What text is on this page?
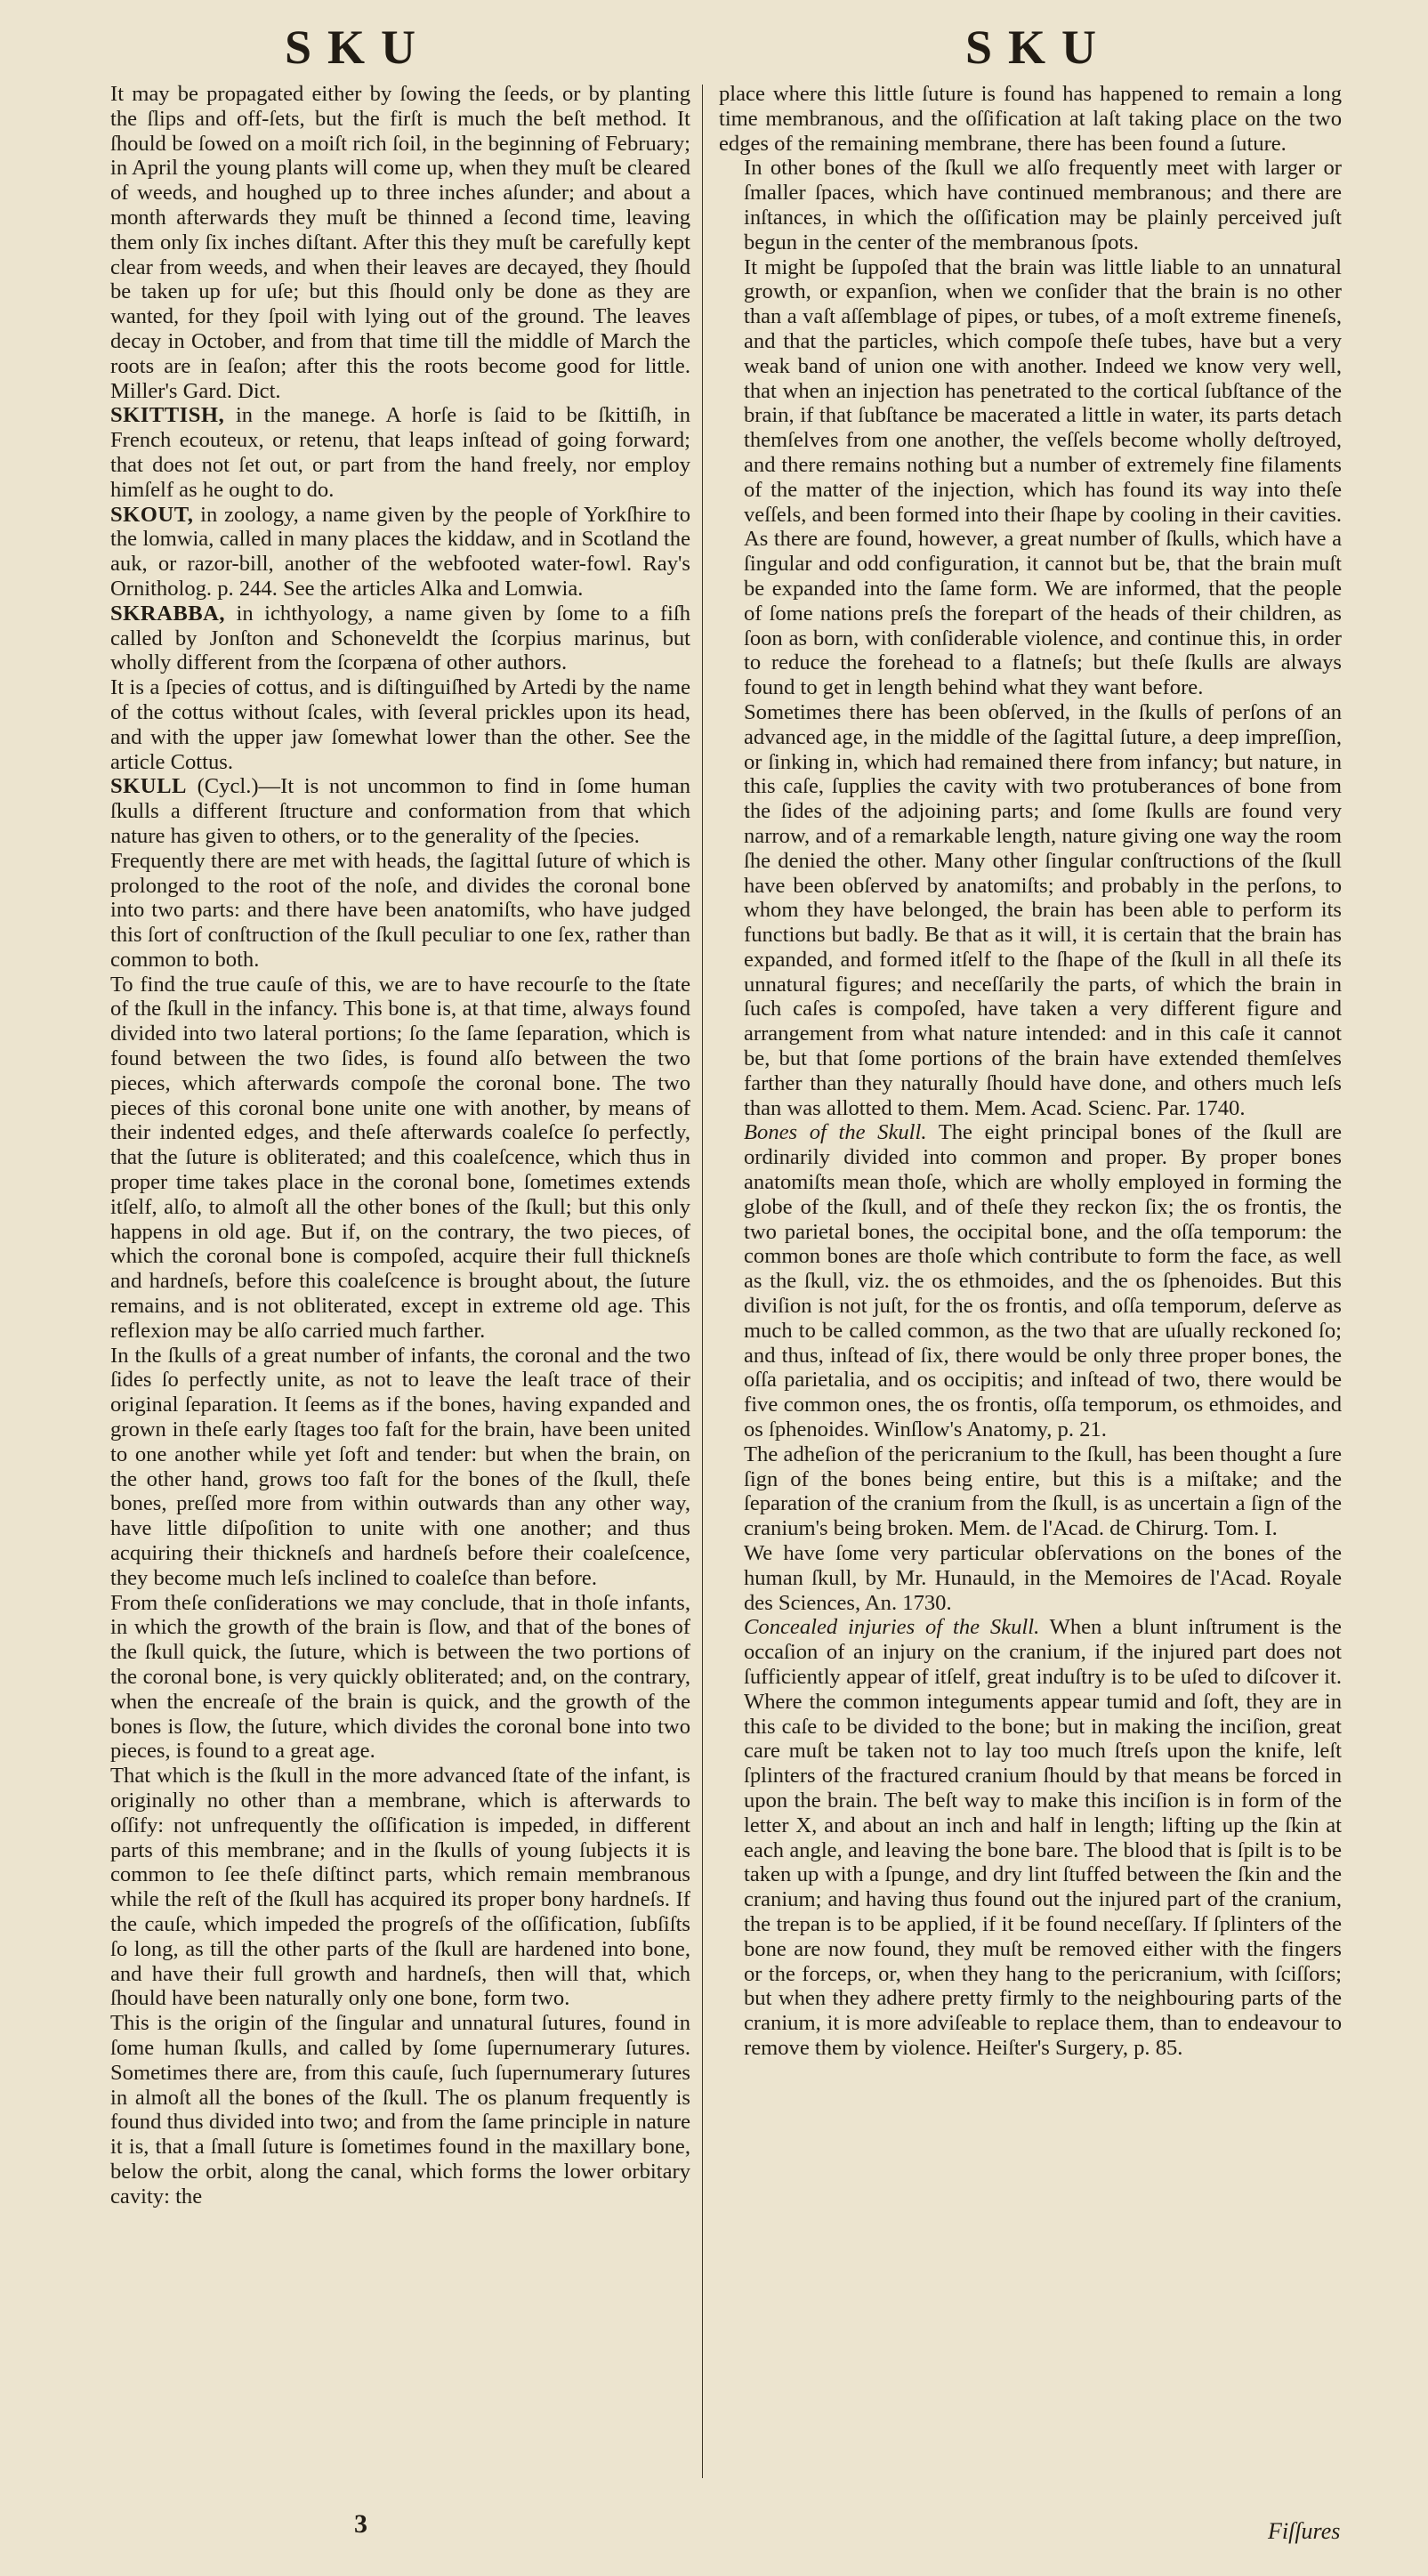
SKU	SKU

It may be propagated either by ſowing the ſeeds, or by planting the ſlips and off-ſets, but the firſt is much the beſt method. It ſhould be ſowed on a moiſt rich ſoil, in the beginning of February; in April the young plants will come up, when they muſt be cleared of weeds, and houghed up to three inches aſunder; and about a month afterwards they muſt be thinned a ſecond time, leaving them only ſix inches diſtant. After this they muſt be carefully kept clear from weeds, and when their leaves are decayed, they ſhould be taken up for uſe; but this ſhould only be done as they are wanted, for they ſpoil with lying out of the ground. The leaves decay in October, and from that time till the middle of March the roots are in ſeaſon; after this the roots become good for little. Miller's Gard. Dict.

SKITTISH, in the manege. A horſe is ſaid to be ſkittiſh, in French ecouteux, or retenu, that leaps inſtead of going forward; that does not ſet out, or part from the hand freely, nor employ himſelf as he ought to do.

SKOUT, in zoology, a name given by the people of Yorkſhire to the lomwia, called in many places the kiddaw, and in Scotland the auk, or razor-bill, another of the webfooted water-fowl. Ray's Ornitholog. p. 244. See the articles Alka and Lomwia.

SKRABBA, in ichthyology, a name given by ſome to a fiſh called by Jonſton and Schoneveldt the ſcorpius marinus, but wholly different from the ſcorpæna of other authors.

It is a ſpecies of cottus, and is diſtinguiſhed by Artedi by the name of the cottus without ſcales, with ſeveral prickles upon its head, and with the upper jaw ſomewhat lower than the other. See the article Cottus.

SKULL (Cycl.)—It is not uncommon to find in ſome human ſkulls a different ſtructure and conformation from that which nature has given to others, or to the generality of the ſpecies.

Frequently there are met with heads, the ſagittal ſuture of which is prolonged to the root of the noſe, and divides the coronal bone into two parts: and there have been anatomiſts, who have judged this ſort of conſtruction of the ſkull peculiar to one ſex, rather than common to both.

To find the true cauſe of this, we are to have recourſe to the ſtate of the ſkull in the infancy. This bone is, at that time, always found divided into two lateral portions; ſo the ſame ſeparation, which is found between the two ſides, is found alſo between the two pieces, which afterwards compoſe the coronal bone. The two pieces of this coronal bone unite one with another, by means of their indented edges, and theſe afterwards coaleſce ſo perfectly, that the ſuture is obliterated; and this coaleſcence, which thus in proper time takes place in the coronal bone, ſometimes extends itſelf, alſo, to almoſt all the other bones of the ſkull; but this only happens in old age. But if, on the contrary, the two pieces, of which the coronal bone is compoſed, acquire their full thickneſs and hardneſs, before this coaleſcence is brought about, the ſuture remains, and is not obliterated, except in extreme old age. This reflexion may be alſo carried much farther.

In the ſkulls of a great number of infants, the coronal and the two ſides ſo perfectly unite, as not to leave the leaſt trace of their original ſeparation. It ſeems as if the bones, having expanded and grown in theſe early ſtages too faſt for the brain, have been united to one another while yet ſoft and tender: but when the brain, on the other hand, grows too faſt for the bones of the ſkull, theſe bones, preſſed more from within outwards than any other way, have little diſpoſition to unite with one another; and thus acquiring their thickneſs and hardneſs before their coaleſcence, they become much leſs inclined to coaleſce than before.

From theſe conſiderations we may conclude, that in thoſe infants, in which the growth of the brain is ſlow, and that of the bones of the ſkull quick, the ſuture, which is between the two portions of the coronal bone, is very quickly obliterated; and, on the contrary, when the encreaſe of the brain is quick, and the growth of the bones is ſlow, the ſuture, which divides the coronal bone into two pieces, is found to a great age.

That which is the ſkull in the more advanced ſtate of the infant, is originally no other than a membrane, which is afterwards to oſſify: not unfrequently the oſſification is impeded, in different parts of this membrane; and in the ſkulls of young ſubjects it is common to ſee theſe diſtinct parts, which remain membranous while the reſt of the ſkull has acquired its proper bony hardneſs. If the cauſe, which impeded the progreſs of the oſſification, ſubſiſts ſo long, as till the other parts of the ſkull are hardened into bone, and have their full growth and hardneſs, then will that, which ſhould have been naturally only one bone, form two.

This is the origin of the ſingular and unnatural ſutures, found in ſome human ſkulls, and called by ſome ſupernumerary ſutures. Sometimes there are, from this cauſe, ſuch ſupernumerary ſutures in almoſt all the bones of the ſkull. The os planum frequently is found thus divided into two; and from the ſame principle in nature it is, that a ſmall ſuture is ſometimes found in the maxillary bone, below the orbit, along the canal, which forms the lower orbitary cavity: the

place where this little ſuture is found has happened to remain a long time membranous, and the oſſification at laſt taking place on the two edges of the remaining membrane, there has been found a ſuture.

In other bones of the ſkull we alſo frequently meet with larger or ſmaller ſpaces, which have continued membranous; and there are inſtances, in which the oſſification may be plainly perceived juſt begun in the center of the membranous ſpots.

It might be ſuppoſed that the brain was little liable to an unnatural growth, or expanſion, when we conſider that the brain is no other than a vaſt aſſemblage of pipes, or tubes, of a moſt extreme fineneſs, and that the particles, which compoſe theſe tubes, have but a very weak band of union one with another. Indeed we know very well, that when an injection has penetrated to the cortical ſubſtance of the brain, if that ſubſtance be macerated a little in water, its parts detach themſelves from one another, the veſſels become wholly deſtroyed, and there remains nothing but a number of extremely fine filaments of the matter of the injection, which has found its way into theſe veſſels, and been formed into their ſhape by cooling in their cavities. As there are found, however, a great number of ſkulls, which have a ſingular and odd configuration, it cannot but be, that the brain muſt be expanded into the ſame form. We are informed, that the people of ſome nations preſs the forepart of the heads of their children, as ſoon as born, with conſiderable violence, and continue this, in order to reduce the forehead to a flatneſs; but theſe ſkulls are always found to get in length behind what they want before.

Sometimes there has been obſerved, in the ſkulls of perſons of an advanced age, in the middle of the ſagittal ſuture, a deep impreſſion, or ſinking in, which had remained there from infancy; but nature, in this caſe, ſupplies the cavity with two protuberances of bone from the ſides of the adjoining parts; and ſome ſkulls are found very narrow, and of a remarkable length, nature giving one way the room ſhe denied the other. Many other ſingular conſtructions of the ſkull have been obſerved by anatomiſts; and probably in the perſons, to whom they have belonged, the brain has been able to perform its functions but badly. Be that as it will, it is certain that the brain has expanded, and formed itſelf to the ſhape of the ſkull in all theſe its unnatural figures; and neceſſarily the parts, of which the brain in ſuch caſes is compoſed, have taken a very different figure and arrangement from what nature intended: and in this caſe it cannot be, but that ſome portions of the brain have extended themſelves farther than they naturally ſhould have done, and others much leſs than was allotted to them. Mem. Acad. Scienc. Par. 1740.

Bones of the Skull. The eight principal bones of the ſkull are ordinarily divided into common and proper. By proper bones anatomiſts mean thoſe, which are wholly employed in forming the globe of the ſkull, and of theſe they reckon ſix; the os frontis, the two parietal bones, the occipital bone, and the oſſa temporum: the common bones are thoſe which contribute to form the face, as well as the ſkull, viz. the os ethmoides, and the os ſphenoides. But this diviſion is not juſt, for the os frontis, and oſſa temporum, deſerve as much to be called common, as the two that are uſually reckoned ſo; and thus, inſtead of ſix, there would be only three proper bones, the oſſa parietalia, and os occipitis; and inſtead of two, there would be five common ones, the os frontis, oſſa temporum, os ethmoides, and os ſphenoides. Winſlow's Anatomy, p. 21.

The adheſion of the pericranium to the ſkull, has been thought a ſure ſign of the bones being entire, but this is a miſtake; and the ſeparation of the cranium from the ſkull, is as uncertain a ſign of the cranium's being broken. Mem. de l'Acad. de Chirurg. Tom. I.

We have ſome very particular obſervations on the bones of the human ſkull, by Mr. Hunauld, in the Memoires de l'Acad. Royale des Sciences, An. 1730.

Concealed injuries of the Skull. When a blunt inſtrument is the occaſion of an injury on the cranium, if the injured part does not ſufficiently appear of itſelf, great induſtry is to be uſed to diſcover it. Where the common integuments appear tumid and ſoft, they are in this caſe to be divided to the bone; but in making the inciſion, great care muſt be taken not to lay too much ſtreſs upon the knife, leſt ſplinters of the fractured cranium ſhould by that means be forced in upon the brain. The beſt way to make this inciſion is in form of the letter X, and about an inch and half in length; lifting up the ſkin at each angle, and leaving the bone bare. The blood that is ſpilt is to be taken up with a ſpunge, and dry lint ſtuffed between the ſkin and the cranium; and having thus found out the injured part of the cranium, the trepan is to be applied, if it be found neceſſary. If ſplinters of the bone are now found, they muſt be removed either with the fingers or the forceps, or, when they hang to the pericranium, with ſciſſors; but when they adhere pretty firmly to the neighbouring parts of the cranium, it is more adviſeable to replace them, than to endeavour to remove them by violence. Heiſter's Surgery, p. 85.

3	Fiſſures
